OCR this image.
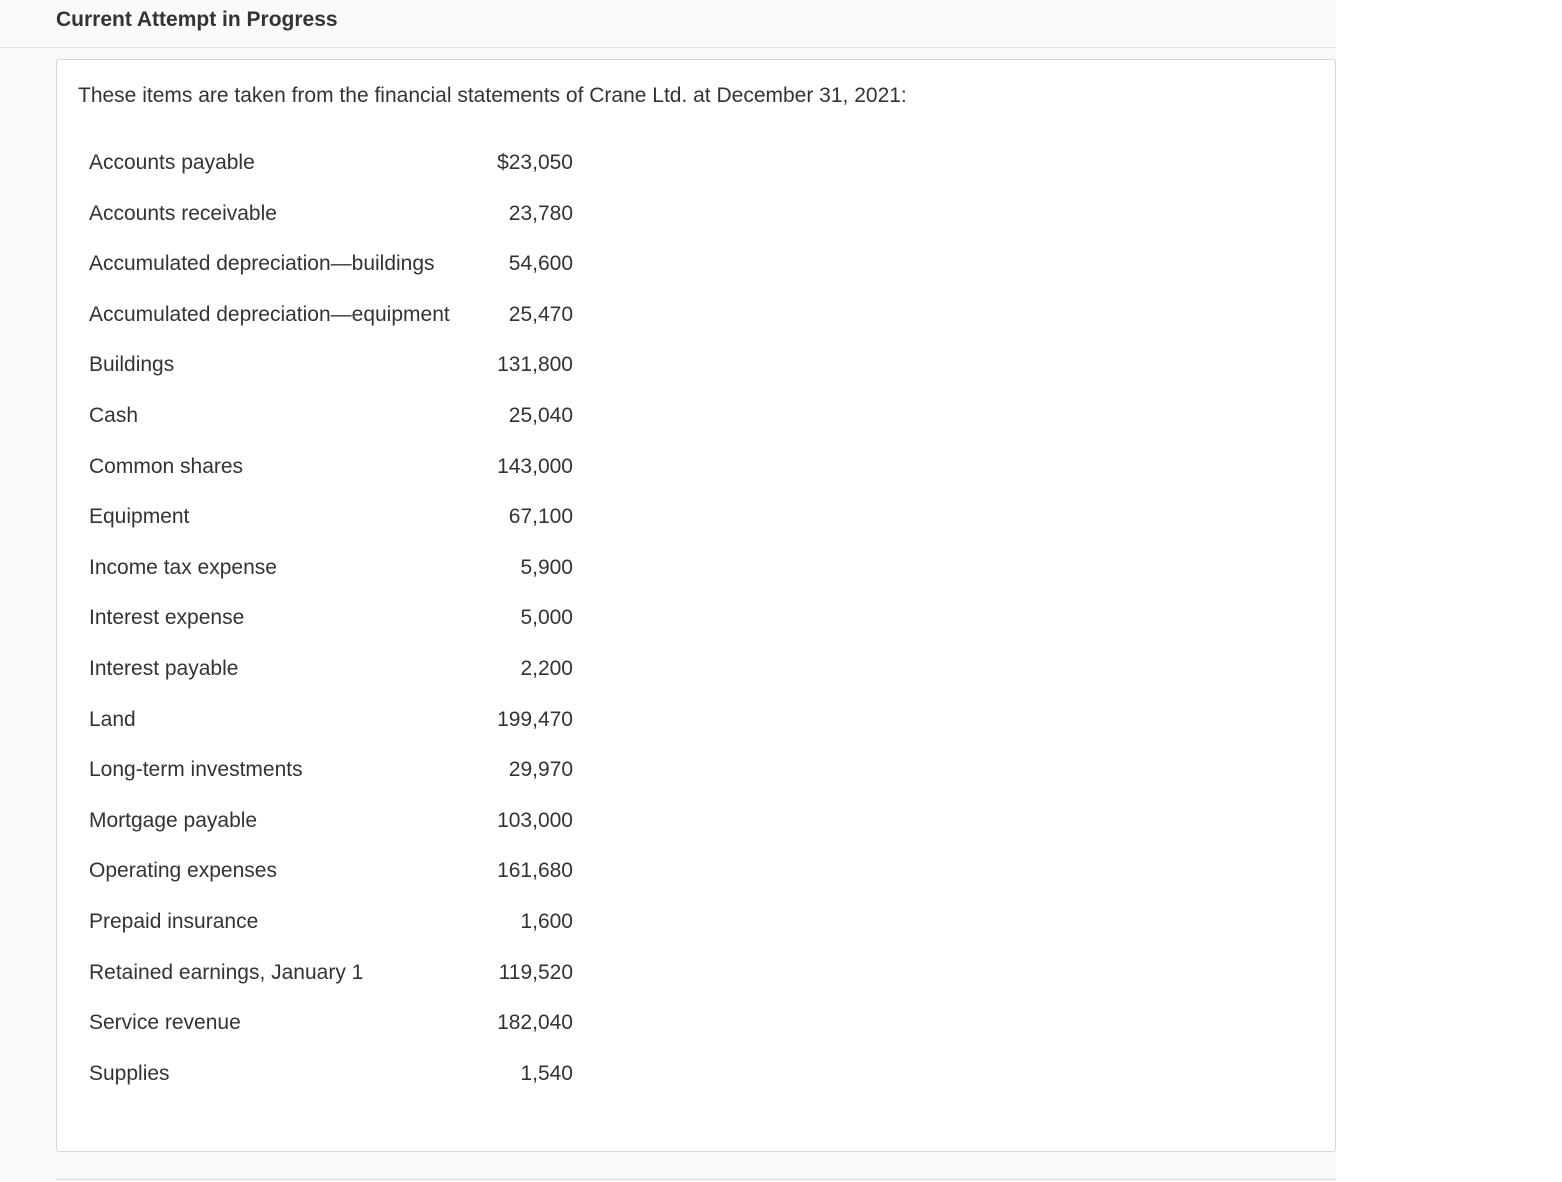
Current Attempt in Progress
These items are taken from the financial statements of Crane Ltd. at December 31, 2021:
Accounts payable	$23,050
Accounts receivable	23,780
Accumulated depreciation—buildings	54,600
Accumulated depreciation—equipment	25,470
Buildings	131,800
Cash	25,040
Common shares	143,000
Equipment	67,100
Income tax expense	5,900
Interest expense	5,000
Interest payable	2,200
Land	199,470
Long-term investments	29,970
Mortgage payable	103,000
Operating expenses	161,680
Prepaid insurance	1,600
Retained earnings, January 1	119,520
Service revenue	182,040
Supplies	1,540
